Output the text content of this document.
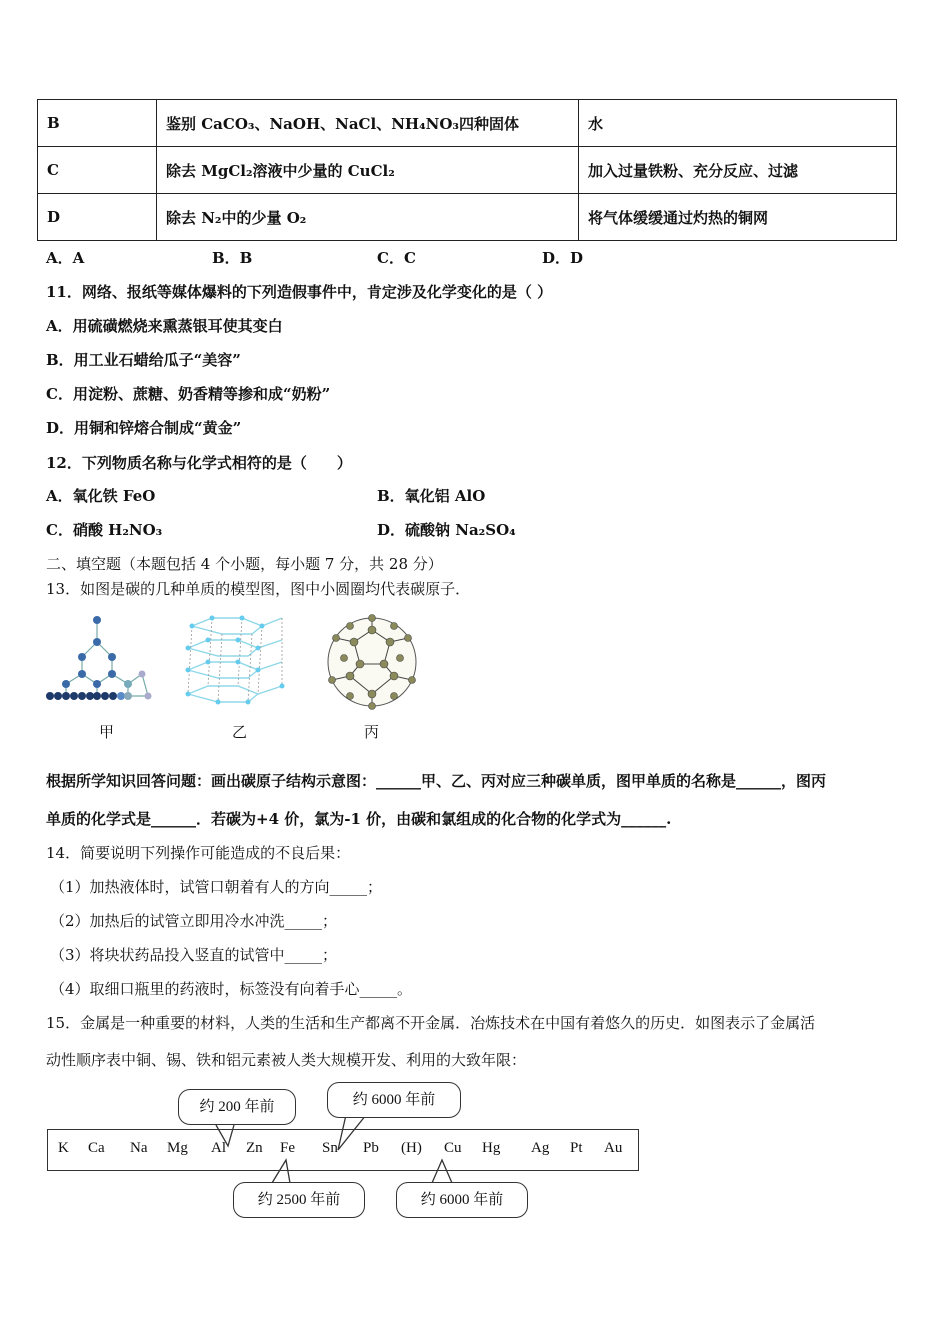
B	鉴别 CaCO₃、NaOH、NaCl、NH₄NO₃四种固体	水
C	除去 MgCl₂溶液中少量的 CuCl₂	加入过量铁粉、充分反应、过滤
D	除去 N₂中的少量 O₂	将气体缓缓通过灼热的铜网
A．A	B．B	C．C	D．D
11．网络、报纸等媒体爆料的下列造假事件中，肯定涉及化学变化的是（ ）
A．用硫磺燃烧来熏蒸银耳使其变白
B．用工业石蜡给瓜子“美容”
C．用淀粉、蔗糖、奶香精等掺和成“奶粉”
D．用铜和锌熔合制成“黄金”
12．下列物质名称与化学式相符的是（　　）
A．氧化铁 FeO	B．氧化铝 AlO
C．硝酸 H₂NO₃	D．硫酸钠 Na₂SO₄
二、填空题（本题包括 4 个小题，每小题 7 分，共 28 分）
13．如图是碳的几种单质的模型图，图中小圆圈均代表碳原子．
甲	乙	丙
根据所学知识回答问题：画出碳原子结构示意图：______甲、乙、丙对应三种碳单质，图甲单质的名称是______，图丙
单质的化学式是______．若碳为+4 价，氯为-1 价，由碳和氯组成的化合物的化学式为______.
14．简要说明下列操作可能造成的不良后果：
（1）加热液体时，试管口朝着有人的方向_____；
（2）加热后的试管立即用冷水冲洗_____；
（3）将块状药品投入竖直的试管中_____；
（4）取细口瓶里的药液时，标签没有向着手心_____。
15．金属是一种重要的材料，人类的生活和生产都离不开金属．冶炼技术在中国有着悠久的历史．如图表示了金属活
动性顺序表中铜、锡、铁和铝元素被人类大规模开发、利用的大致年限：
K Ca Na Mg Al Zn Fe Sn Pb (H) Cu Hg Ag Pt Au
约 200 年前	约 6000 年前
约 2500 年前	约 6000 年前
